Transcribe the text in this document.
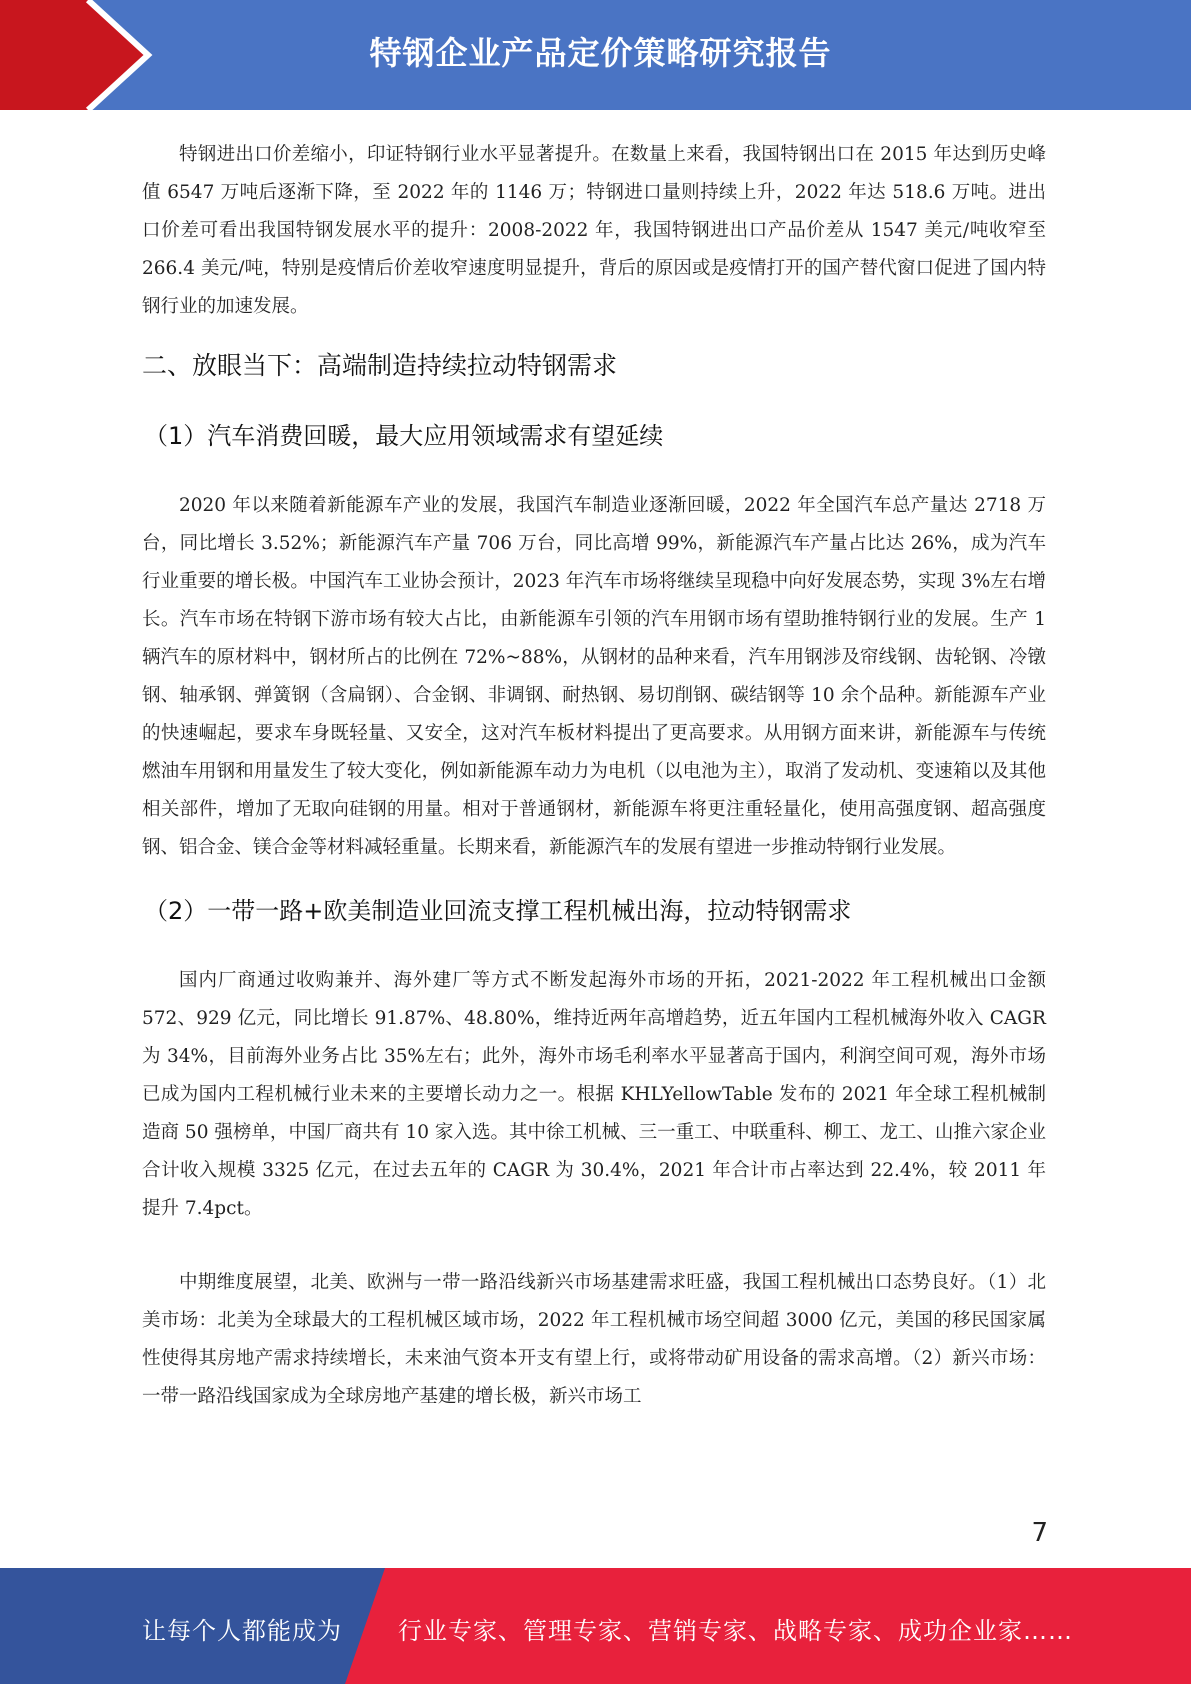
特钢企业产品定价策略研究报告

特钢进出口价差缩小，印证特钢行业水平显著提升。在数量上来看，我国特钢出口在 2015 年达到历史峰值 6547 万吨后逐渐下降，至 2022 年的 1146 万；特钢进口量则持续上升，2022 年达 518.6 万吨。进出口价差可看出我国特钢发展水平的提升：2008-2022 年，我国特钢进出口产品价差从 1547 美元/吨收窄至 266.4 美元/吨，特别是疫情后价差收窄速度明显提升，背后的原因或是疫情打开的国产替代窗口促进了国内特钢行业的加速发展。

二、放眼当下：高端制造持续拉动特钢需求
（1）汽车消费回暖，最大应用领域需求有望延续

2020 年以来随着新能源车产业的发展，我国汽车制造业逐渐回暖，2022 年全国汽车总产量达 2718 万台，同比增长 3.52%；新能源汽车产量 706 万台，同比高增 99%，新能源汽车产量占比达 26%，成为汽车行业重要的增长极。中国汽车工业协会预计，2023 年汽车市场将继续呈现稳中向好发展态势，实现 3%左右增长。汽车市场在特钢下游市场有较大占比，由新能源车引领的汽车用钢市场有望助推特钢行业的发展。生产 1 辆汽车的原材料中，钢材所占的比例在 72%~88%，从钢材的品种来看，汽车用钢涉及帘线钢、齿轮钢、冷镦钢、轴承钢、弹簧钢（含扁钢）、合金钢、非调钢、耐热钢、易切削钢、碳结钢等 10 余个品种。新能源车产业的快速崛起，要求车身既轻量、又安全，这对汽车板材料提出了更高要求。从用钢方面来讲，新能源车与传统燃油车用钢和用量发生了较大变化，例如新能源车动力为电机（以电池为主），取消了发动机、变速箱以及其他相关部件，增加了无取向硅钢的用量。相对于普通钢材，新能源车将更注重轻量化，使用高强度钢、超高强度钢、铝合金、镁合金等材料减轻重量。长期来看，新能源汽车的发展有望进一步推动特钢行业发展。

（2）一带一路+欧美制造业回流支撑工程机械出海，拉动特钢需求

国内厂商通过收购兼并、海外建厂等方式不断发起海外市场的开拓，2021-2022 年工程机械出口金额 572、929 亿元，同比增长 91.87%、48.80%，维持近两年高增趋势，近五年国内工程机械海外收入 CAGR 为 34%，目前海外业务占比 35%左右；此外，海外市场毛利率水平显著高于国内，利润空间可观，海外市场已成为国内工程机械行业未来的主要增长动力之一。根据 KHLYellowTable 发布的 2021 年全球工程机械制造商 50 强榜单，中国厂商共有 10 家入选。其中徐工机械、三一重工、中联重科、柳工、龙工、山推六家企业合计收入规模 3325 亿元，在过去五年的 CAGR 为 30.4%，2021 年合计市占率达到 22.4%，较 2011 年提升 7.4pct。

中期维度展望，北美、欧洲与一带一路沿线新兴市场基建需求旺盛，我国工程机械出口态势良好。（1）北美市场：北美为全球最大的工程机械区域市场，2022 年工程机械市场空间超 3000 亿元，美国的移民国家属性使得其房地产需求持续增长，未来油气资本开支有望上行，或将带动矿用设备的需求高增。（2）新兴市场：一带一路沿线国家成为全球房地产基建的增长极，新兴市场工

7
让每个人都能成为 行业专家、管理专家、营销专家、战略专家、成功企业家……
